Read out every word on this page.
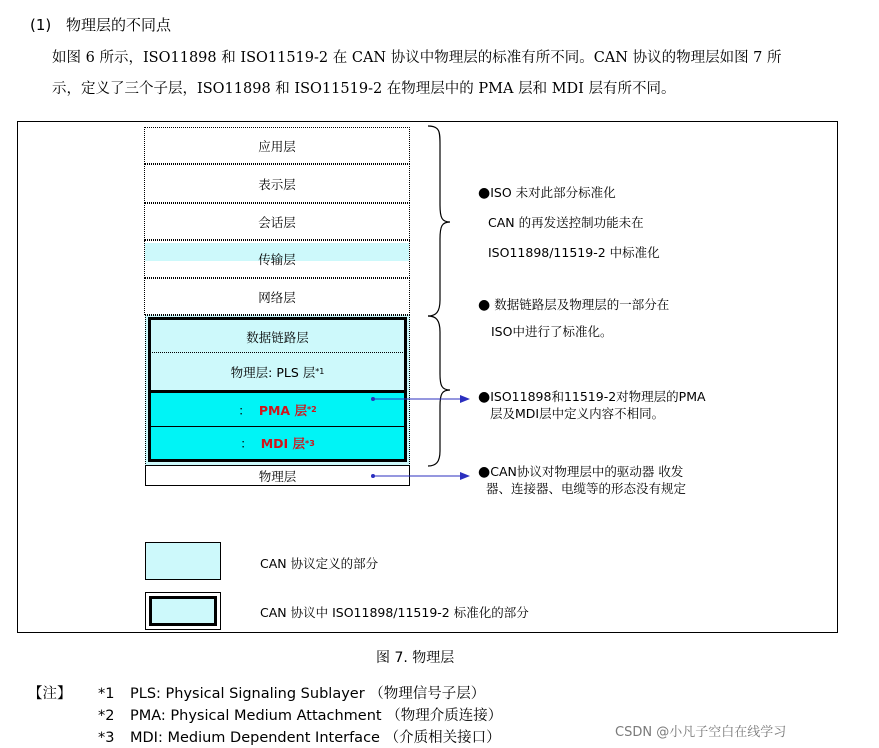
(1) 物理层的不同点
如图 6 所示，ISO11898 和 ISO11519-2 在 CAN 协议中物理层的标准有所不同。CAN 协议的物理层如图 7 所
示，定义了三个子层，ISO11898 和 ISO11519-2 在物理层中的 PMA 层和 MDI 层有所不同。
应用层
表示层
会话层
传输层
网络层
数据链路层
物理层: PLS 层 *1
： PMA 层 *2
： MDI 层 *3
物理层
●ISO 未对此部分标准化
CAN 的再发送控制功能未在
ISO11898/11519-2 中标准化
● 数据链路层及物理层的一部分在
ISO中进行了标准化。
●ISO11898和11519-2对物理层的PMA
层及MDI层中定义内容不相同。
●CAN协议对物理层中的驱动器 收发
器、连接器、电缆等的形态没有规定
CAN 协议定义的部分
CAN 协议中 ISO11898/11519-2 标准化的部分
图 7. 物理层
【注】 *1 PLS: Physical Signaling Sublayer （物理信号子层）
*2 PMA: Physical Medium Attachment （物理介质连接）
*3 MDI: Medium Dependent Interface （介质相关接口）	CSDN @小凡子空白在线学习
